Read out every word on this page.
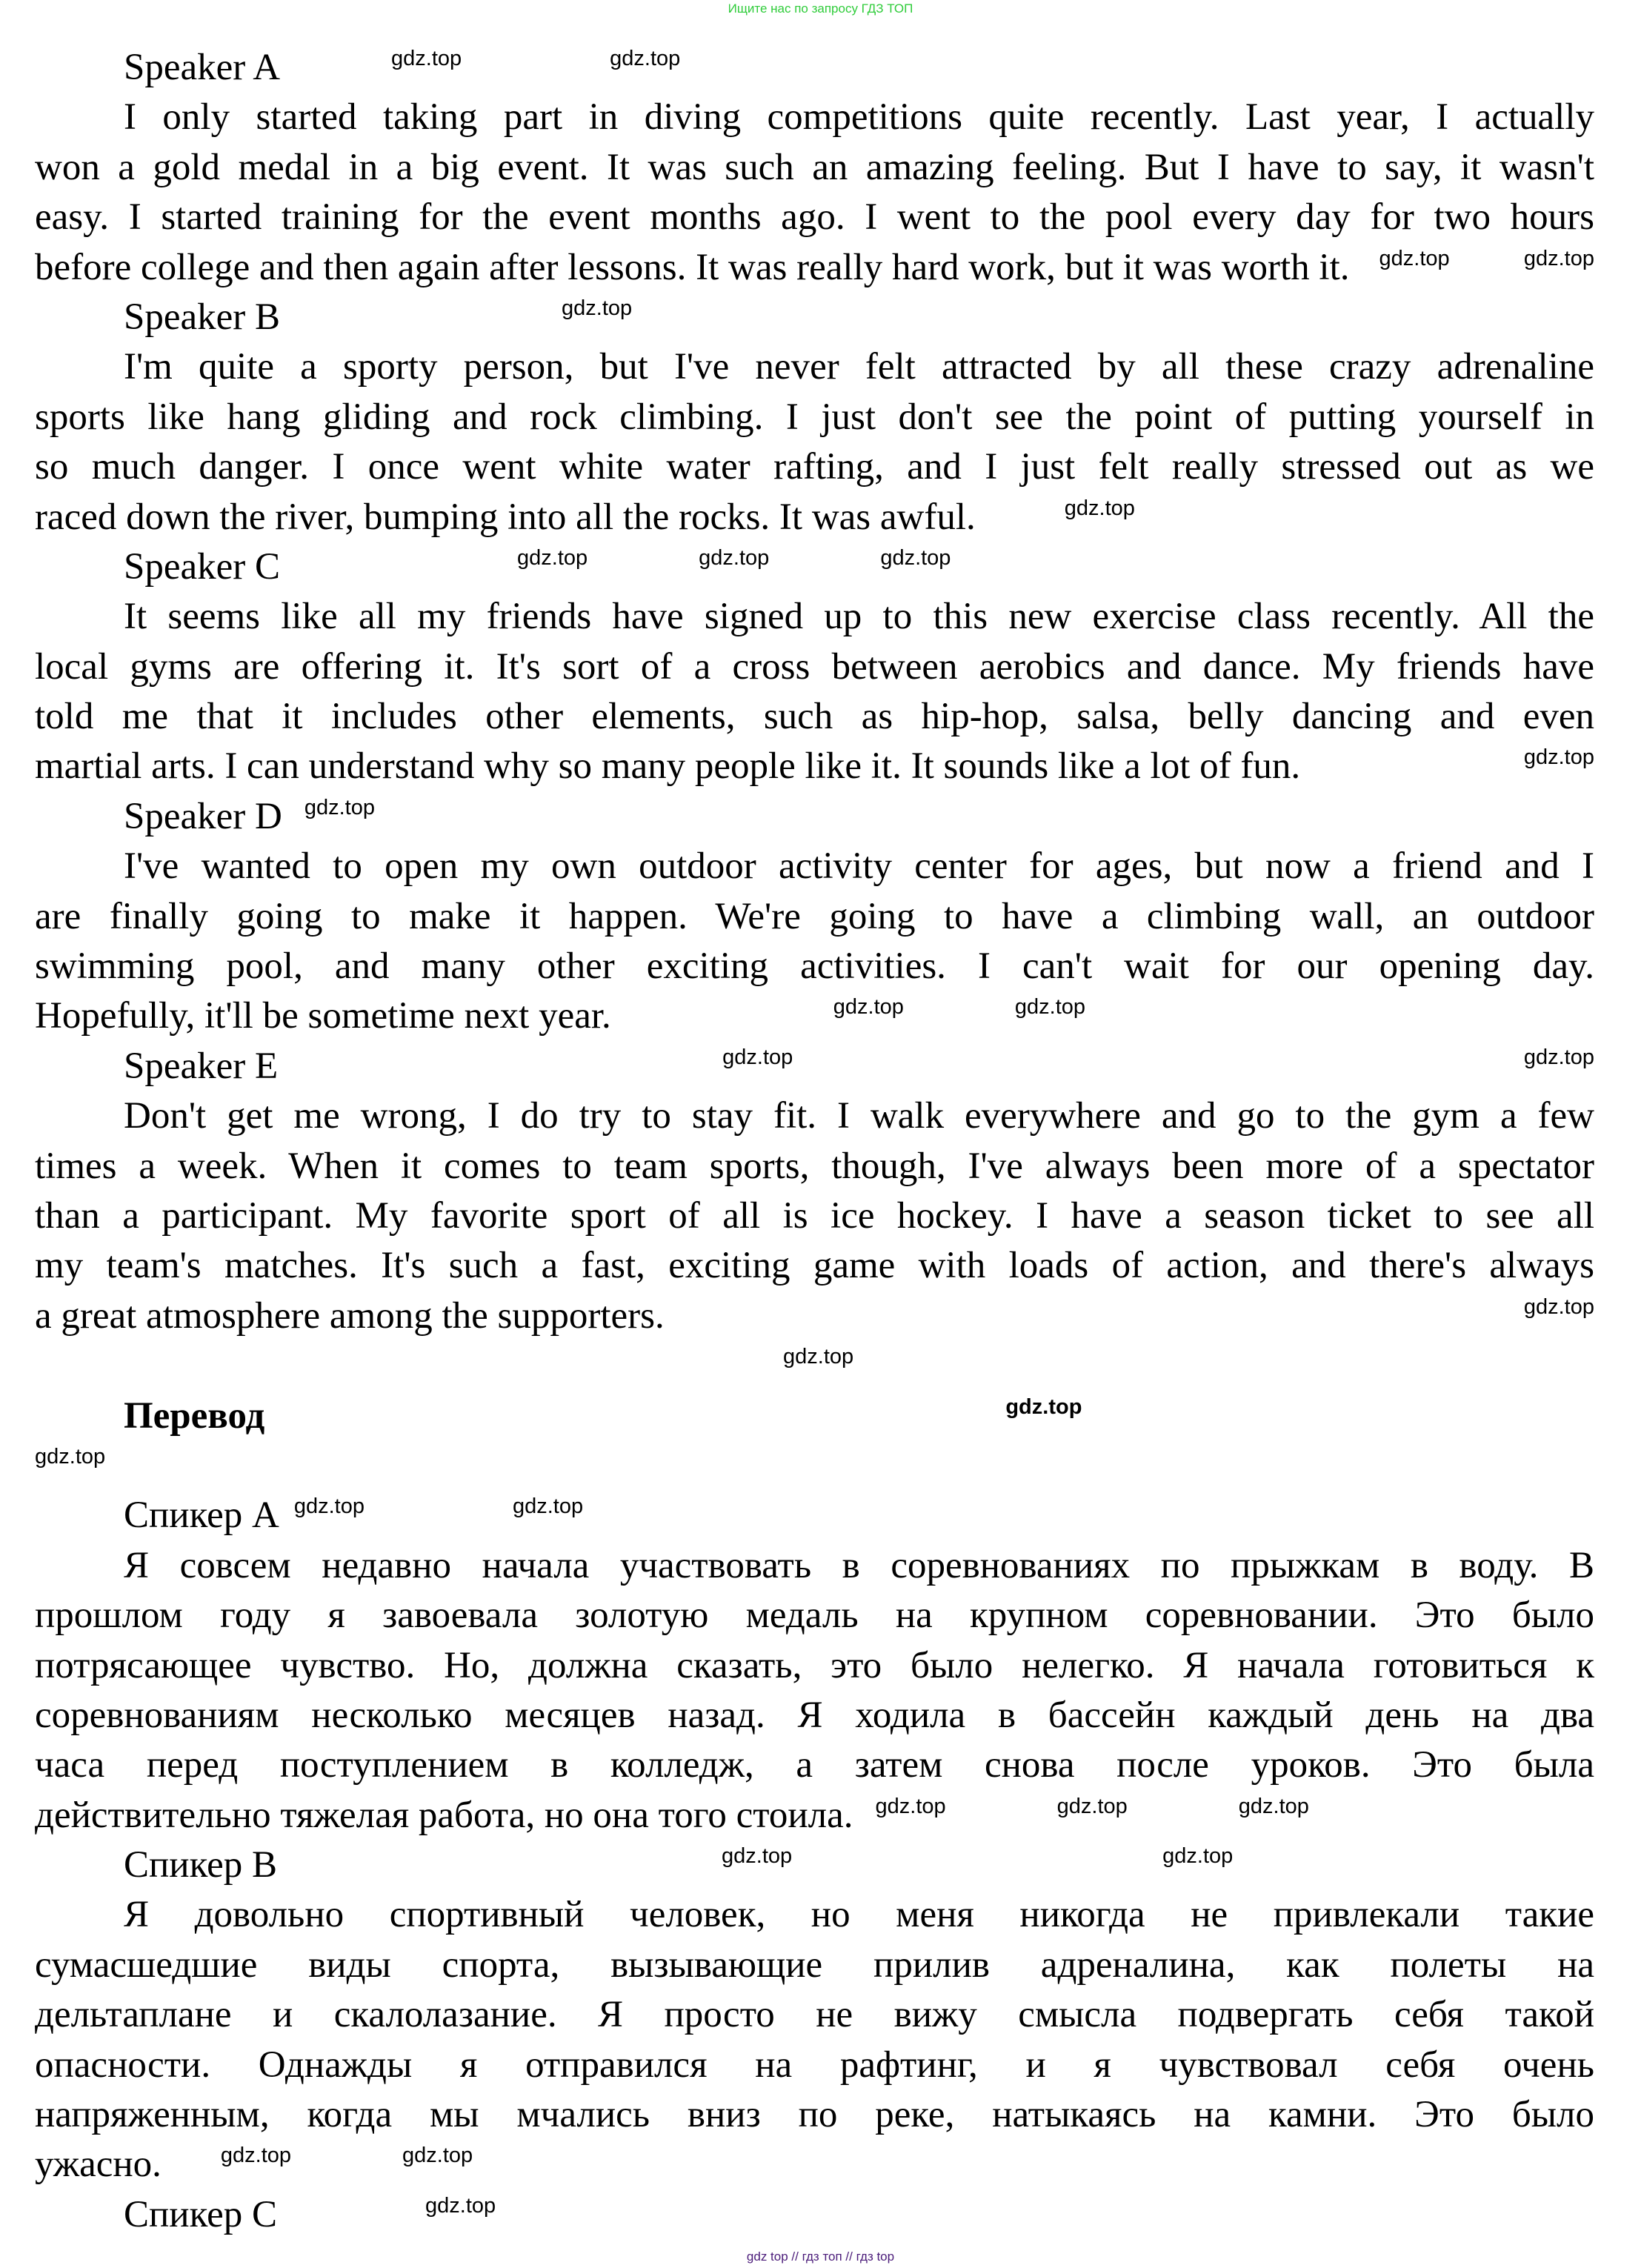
Ищите нас по запросу ГДЗ ТОП
Speaker A	gdz.top	gdz.top
I only started taking part in diving competitions quite recently. Last year, I actually
won a gold medal in a big event. It was such an amazing feeling. But I have to say, it wasn't
easy. I started training for the event months ago. I went to the pool every day for two hours
before college and then again after lessons. It was really hard work, but it was worth it. gdz.top	gdz.top
Speaker B	gdz.top
I'm quite a sporty person, but I've never felt attracted by all these crazy adrenaline
sports like hang gliding and rock climbing. I just don't see the point of putting yourself in
so much danger. I once went white water rafting, and I just felt really stressed out as we
raced down the river, bumping into all the rocks. It was awful.	gdz.top
Speaker C	gdz.top	gdz.top	gdz.top
It seems like all my friends have signed up to this new exercise class recently. All the
local gyms are offering it. It's sort of a cross between aerobics and dance. My friends have
told me that it includes other elements, such as hip-hop, salsa, belly dancing and even
martial arts. I can understand why so many people like it. It sounds like a lot of fun.	gdz.top
Speaker D gdz.top
I've wanted to open my own outdoor activity center for ages, but now a friend and I
are finally going to make it happen. We're going to have a climbing wall, an outdoor
swimming pool, and many other exciting activities. I can't wait for our opening day.
Hopefully, it'll be sometime next year.	gdz.top	gdz.top
Speaker E	gdz.top	gdz.top
Don't get me wrong, I do try to stay fit. I walk everywhere and go to the gym a few
times a week. When it comes to team sports, though, I've always been more of a spectator
than a participant. My favorite sport of all is ice hockey. I have a season ticket to see all
my team's matches. It's such a fast, exciting game with loads of action, and there's always
a great atmosphere among the supporters.	gdz.top
gdz.top
Перевод	gdz.top
gdz.top
Спикер A gdz.top	gdz.top
Я совсем недавно начала участвовать в соревнованиях по прыжкам в воду. В
прошлом году я завоевала золотую медаль на крупном соревновании. Это было
потрясающее чувство. Но, должна сказать, это было нелегко. Я начала готовиться к
соревнованиям несколько месяцев назад. Я ходила в бассейн каждый день на два
часа перед поступлением в колледж, а затем снова после уроков. Это была
действительно тяжелая работа, но она того стоила. gdz.top	gdz.top	gdz.top
Спикер B	gdz.top	gdz.top
Я довольно спортивный человек, но меня никогда не привлекали такие
сумасшедшие виды спорта, вызывающие прилив адреналина, как полеты на
дельтаплане и скалолазание. Я просто не вижу смысла подвергать себя такой
опасности. Однажды я отправился на рафтинг, и я чувствовал себя очень
напряженным, когда мы мчались вниз по реке, натыкаясь на камни. Это было
ужасно.	gdz.top	gdz.top
Спикер C	gdz.top
gdz top // гдз топ // гдз top
